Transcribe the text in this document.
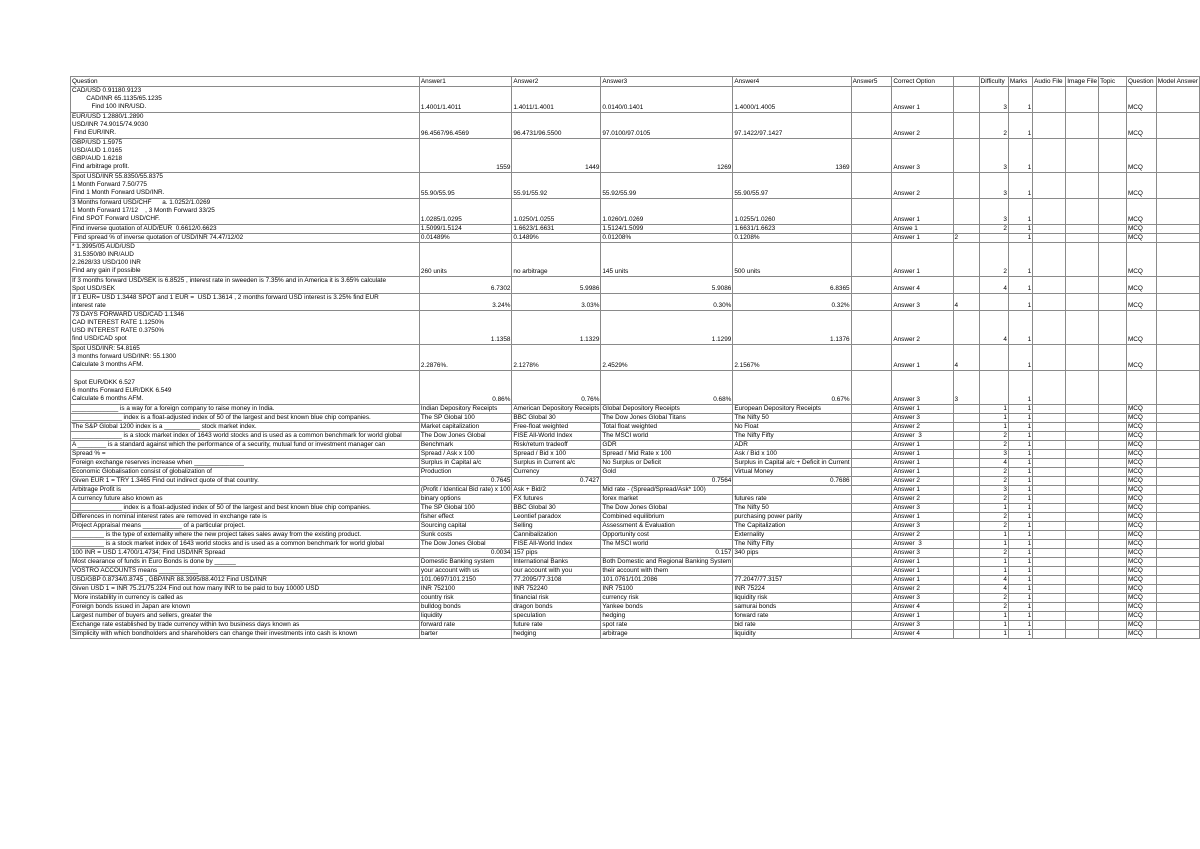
Question	Answer1	Answer2	Answer3	Answer4	Answer5	Correct Option		Difficulty	Marks	Audio File	Image File	Topic	Question	Model Answer
CAD/USD 0.91180.9123
CAD/INR 65.1135/65.1235
Find 100 INR/USD.	1.4001/1.4011	1.4011/1.4001	0.0140/0.1401	1.4000/1.4005		Answer 1		3	1				MCQ	
EUR/USD 1.2880/1.2890
USD/INR 74.9015/74.9030
Find EUR/INR.	96.4567/96.4569	96.4731/96.5500	97.0100/97.0105	97.1422/97.1427		Answer 2		2	1				MCQ	
GBP/USD 1.5975
USD/AUD 1.0165
GBP/AUD 1.6218
Find arbitrage profit.	1559	1449	1269	1369		Answer 3		3	1				MCQ	
Spot USD/INR 55.8350/55.8375
1 Month Forward 7.50/775
Find 1 Month Forward USD/INR.	55.90/55.95	55.91/55.92	55.92/55.99	55.90/55.97		Answer 2		3	1				MCQ	
3 Months forward USD/CHF      a. 1.0252/1.0269
1 Month Forward 17/12    , 3 Month Forward 33/25
Find SPOT Forward USD/CHF.	1.0285/1.0295	1.0250/1.0255	1.0260/1.0269	1.0255/1.0260		Answer 1		3	1				MCQ	
Find inverse quotation of AUD/EUR  0.6612/0.6623	1.5099/1.5124	1.6623/1.6631	1.5124/1.5099	1.6631/1.6623		Answe 1		2	1				MCQ	
Find spread % of inverse quotation of USD/INR 74.47/12/02	0.01489%	0.1489%	0.01208%	0.1208%		Answer 1	2		1				MCQ	
* 1.3995/05 AUD/USD
31.5350/80 INR/AUD
2.2628/33 USD/100 INR
Find any gain if possible	260 units	no arbitrage	145 units	500 units		Answer 1		2	1				MCQ	
If 3 months forward USD/SEK is 6.8525 , interest rate in sweeden is 7.35% and in America it is 3.65% calculate
Spot USD/SEK	6.7302	5.9986	5.9086	6.8365		Answer 4		4	1				MCQ	
If 1 EUR= USD 1.3448 SPOT and 1 EUR =  USD 1.3614 , 2 months forward USD interest is 3.25% find EUR
interest rate	3.24%	3.03%	0.30%	0.32%		Answer 3	4		1				MCQ	
73 DAYS FORWARD USD/CAD 1.1346
CAD INTEREST RATE 1.1250%
USD INTEREST RATE 0.3750%
find USD/CAD spot	1.1358	1.1329	1.1299	1.1376		Answer 2		4	1				MCQ	
Spot USD/INR: 54.8165
3 months forward USD/INR: 55.1300
Calculate 3 months AFM.	2.2876%.	2.1278%	2.4529%	2.1567%		Answer 1	4		1				MCQ	

Spot EUR/DKK 6.527
6 months Forward EUR/DKK 6.549
Calculate 6 months AFM.	0.86%	0.76%	0.68%	0.67%		Answer 3	3		1					
_____________ is a way for a foreign company to raise money in India.	Indian Depository Receipts	American Depository Receipts	Global Depository Receipts	European Depository Receipts		Answer 1		1	1				MCQ	
______________ index is a float-adjusted index of 50 of the largest and best known blue chip companies.	The SP Global 100	BBC Global 30	The Dow Jones Global Titans	The Nifty 50		Answer 3		1	1				MCQ	
The S&P Global 1200 index is a __________ stock market index.	Market capitalization	Free-float weighted	Total float weighted	No Float		Answer 2		1	1				MCQ	
______________ is a stock market index of 1643 world stocks and is used as a common benchmark for world global	The Dow Jones Global	FISE All-World Index	The MSCI world	The Nifty Fifty		Answer  3		2	1				MCQ	
A ________ is a standard against which the performance of a security, mutual fund or investment manager can	Benchmark	Risk/return tradeoff	GDR	ADR		Answer 1		2	1				MCQ	
Spread % =	Spread / Ask x 100	Spread / Bid x 100	Spread / Mid Rate x 100	Ask / Bid x 100		Answer 1		3	1				MCQ	
Foreign exchange reserves increase when ______________	Surplus in Capital a/c	Surplus in Current a/c	No Surplus or Deficit	Surplus in Capital a/c + Deficit in Current		Answer 1		4	1				MCQ	
Economic Globalisation consist of globalization of	Production	Currency	Gold	Virtual Money		Answer 1		2	1				MCQ	
Given EUR 1 = TRY 1.3465 Find out indirect quote of that country.	0.7645	0.7427	0.7564	0.7686		Answer 2		2	1				MCQ	
Arbitrage Profit is	(Profit / Identical Bid rate) x 100	Ask + Bid/2	Mid rate - (Spread/Spread/Ask* 100)			Answer 1		3	1				MCQ	
A currency future also known as	binary options	FX futures	forex market	futures rate		Answer 2		2	1				MCQ	
______________ index is a float-adjusted index of 50 of the largest and best known blue chip companies.	The SP Global 100	BBC Global 30	The Dow Jones Global	The Nifty 50		Answer 3		1	1				MCQ	
Differences in nominal interest rates are removed in exchange rate is	fisher effect	Leontief paradox	Combined equilibrium	purchasing power parity		Answer 1		2	1				MCQ	
Project Appraisal means ___________ of a particular project.	Sourcing capital	Selling	Assessment & Evaluation	The Capitalization		Answer 3		2	1				MCQ	
_________ is the type of externality where the new project takes sales away from the existing product.	Sunk costs	Cannibalization	Opportunity cost	Externality		Answer 2		1	1				MCQ	
_________ is a stock market index of 1643 world stocks and is used as a common benchmark for world global	The Dow Jones Global	FISE All-World Index	The MSCI world	The Nifty Fifty		Answer  3		1	1				MCQ	
100 INR = USD 1.4700/1.4734; Find USD/INR Spread	0.0034	157 pips	0.157	340 pips		Answer 3		2	1				MCQ	
Most clearance of funds in Euro Bonds is done by ______	Domestic Banking system	International Banks	Both Domestic and Regional Banking System			Answer 1		1	1				MCQ	
VOSTRO ACCOUNTS means ___________	your account with us	our account with you	their account with them			Answer 1		1	1				MCQ	
USD/GBP 0.8734/0.8745 , GBP/INR 88.3995/88.4012 Find USD/INR	101.0697/101.2150	77.2095/77.3108	101.0761/101.2086	77.2047/77.3157		Answer 1		4	1				MCQ	
Given USD 1 = INR 75.21/75.224 Find out how many INR to be paid to buy 10000 USD	INR 752100	INR 752240	INR 75100	INR 75224		Answer 2		4	1				MCQ	
More instability in currency is called as	country risk	financial risk	currency risk	liquidity risk		Answer 3		2	1				MCQ	
Foreign bonds issued in Japan are known	bulldog bonds	dragon bonds	Yankee bonds	samurai bonds		Answer 4		2	1				MCQ	
Largest number of buyers and sellers, greater the	liquidity	speculation	hedging	forward rate		Answer 1		1	1				MCQ	
Exchange rate established by trade currency within two business days known as	forward rate	future rate	spot rate	bid rate		Answer 3		1	1				MCQ	
Simplicity with which bondholders and shareholders can change their investments into cash is known	barter	hedging	arbitrage	liquidity		Answer 4		1	1				MCQ	
